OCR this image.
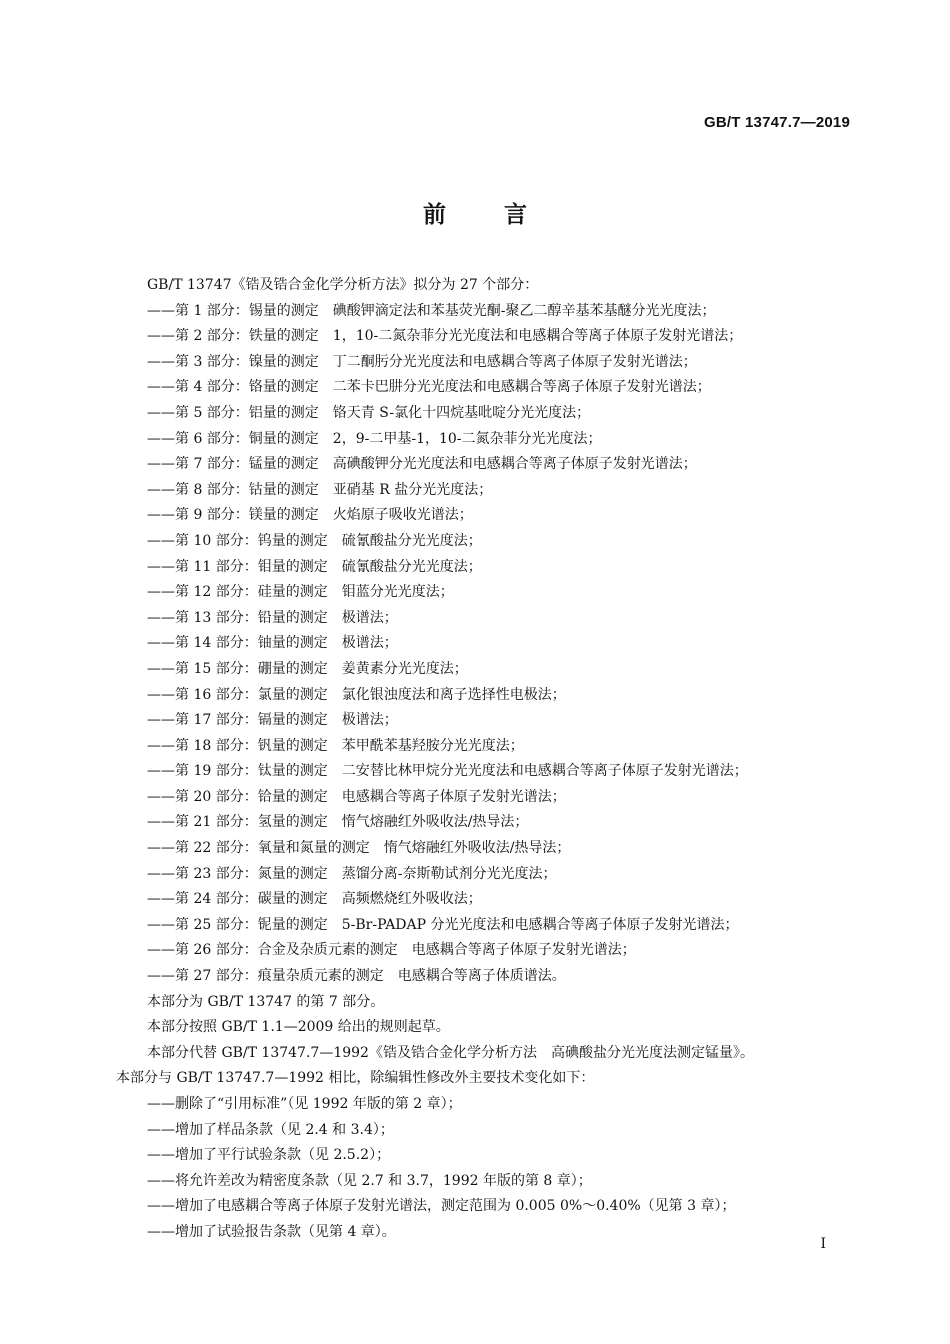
GB/T 13747.7—2019
前言
GB/T 13747《锆及锆合金化学分析方法》拟分为 27 个部分：
——第 1 部分：锡量的测定　碘酸钾滴定法和苯基荧光酮-聚乙二醇辛基苯基醚分光光度法；
——第 2 部分：铁量的测定　1，10-二氮杂菲分光光度法和电感耦合等离子体原子发射光谱法；
——第 3 部分：镍量的测定　丁二酮肟分光光度法和电感耦合等离子体原子发射光谱法；
——第 4 部分：铬量的测定　二苯卡巴肼分光光度法和电感耦合等离子体原子发射光谱法；
——第 5 部分：铝量的测定　铬天青 S-氯化十四烷基吡啶分光光度法；
——第 6 部分：铜量的测定　2，9-二甲基-1，10-二氮杂菲分光光度法；
——第 7 部分：锰量的测定　高碘酸钾分光光度法和电感耦合等离子体原子发射光谱法；
——第 8 部分：钴量的测定　亚硝基 R 盐分光光度法；
——第 9 部分：镁量的测定　火焰原子吸收光谱法；
——第 10 部分：钨量的测定　硫氰酸盐分光光度法；
——第 11 部分：钼量的测定　硫氰酸盐分光光度法；
——第 12 部分：硅量的测定　钼蓝分光光度法；
——第 13 部分：铅量的测定　极谱法；
——第 14 部分：铀量的测定　极谱法；
——第 15 部分：硼量的测定　姜黄素分光光度法；
——第 16 部分：氯量的测定　氯化银浊度法和离子选择性电极法；
——第 17 部分：镉量的测定　极谱法；
——第 18 部分：钒量的测定　苯甲酰苯基羟胺分光光度法；
——第 19 部分：钛量的测定　二安替比林甲烷分光光度法和电感耦合等离子体原子发射光谱法；
——第 20 部分：铪量的测定　电感耦合等离子体原子发射光谱法；
——第 21 部分：氢量的测定　惰气熔融红外吸收法/热导法；
——第 22 部分：氧量和氮量的测定　惰气熔融红外吸收法/热导法；
——第 23 部分：氮量的测定　蒸馏分离-奈斯勒试剂分光光度法；
——第 24 部分：碳量的测定　高频燃烧红外吸收法；
——第 25 部分：铌量的测定　5-Br-PADAP 分光光度法和电感耦合等离子体原子发射光谱法；
——第 26 部分：合金及杂质元素的测定　电感耦合等离子体原子发射光谱法；
——第 27 部分：痕量杂质元素的测定　电感耦合等离子体质谱法。
本部分为 GB/T 13747 的第 7 部分。
本部分按照 GB/T 1.1—2009 给出的规则起草。
本部分代替 GB/T 13747.7—1992《锆及锆合金化学分析方法　高碘酸盐分光光度法测定锰量》。
本部分与 GB/T 13747.7—1992 相比，除编辑性修改外主要技术变化如下：
——删除了“引用标准”（见 1992 年版的第 2 章）；
——增加了样品条款（见 2.4 和 3.4）；
——增加了平行试验条款（见 2.5.2）；
——将允许差改为精密度条款（见 2.7 和 3.7，1992 年版的第 8 章）；
——增加了电感耦合等离子体原子发射光谱法，测定范围为 0.005 0%～0.40%（见第 3 章）；
——增加了试验报告条款（见第 4 章）。
I
